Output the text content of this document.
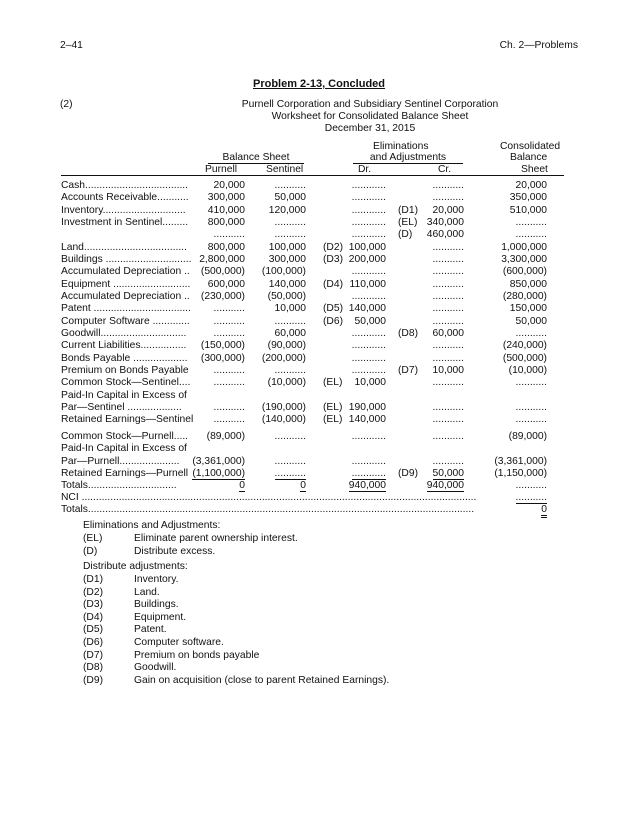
2–41	Ch. 2—Problems
Problem 2-13, Concluded
(2)	Purnell Corporation and Subsidiary Sentinel Corporation
Worksheet for Consolidated Balance Sheet
December 31, 2015
Eliminations	Consolidated
Balance Sheet	and Adjustments	Balance
Purnell	Sentinel	Dr.	Cr.	Sheet
Cash.................................... 20,000	...........	............	...........	20,000
Accounts Receivable........... 300,000	50,000	............	...........	350,000
Inventory............................. 410,000 120,000	............ (D1) 20,000	510,000
Investment in Sentinel......... 800,000	...........	............ (EL) 340,000	...........
...........	...........	............ (D) 460,000	...........
Land.................................... 800,000 100,000 (D2) 100,000	...........	1,000,000
Buildings .............................. 2,800,000 300,000 (D3) 200,000	...........	3,300,000
Accumulated Depreciation .. (500,000) (100,000)	............	...........	(600,000)
Equipment ........................... 600,000 140,000 (D4) 110,000	...........	850,000
Accumulated Depreciation .. (230,000) (50,000)	............	...........	(280,000)
Patent .................................. ...........	10,000 (D5) 140,000	...........	150,000
Computer Software ............. ...........	........... (D6) 50,000	...........	50,000
Goodwill..............................	...........	60,000	............ (D8) 60,000	...........
Current Liabilities................ (150,000) (90,000)	............	...........	(240,000)
Bonds Payable ................... (300,000) (200,000)	............	...........	(500,000)
Premium on Bonds Payable ...........	...........	............ (D7) 10,000	(10,000)
Common Stock—Sentinel.... ........... (10,000) (EL) 10,000	...........	...........
Paid-In Capital in Excess of
Par—Sentinel ...................	........... (190,000) (EL) 190,000	...........	...........
Retained Earnings—Sentinel ........... (140,000) (EL) 140,000	...........	...........
Common Stock—Purnell..... (89,000)	...........	............	...........	(89,000)
Paid-In Capital in Excess of
Par—Purnell..................... (3,361,000)	...........	............	...........	(3,361,000)
Retained Earnings—Purnell (1,100,000)	...........	............ (D9) 50,000	(1,150,000)
Totals...............................	0	0	940,000	940,000	...........
NCI ..........................................................................................................................................	...........
Totals.......................................................................................................................................	0
Eliminations and Adjustments:
(EL)	Eliminate parent ownership interest.
(D)	Distribute excess.
Distribute adjustments:
(D1)	Inventory.
(D2)	Land.
(D3)	Buildings.
(D4)	Equipment.
(D5)	Patent.
(D6)	Computer software.
(D7)	Premium on bonds payable
(D8)	Goodwill.
(D9)	Gain on acquisition (close to parent Retained Earnings).
